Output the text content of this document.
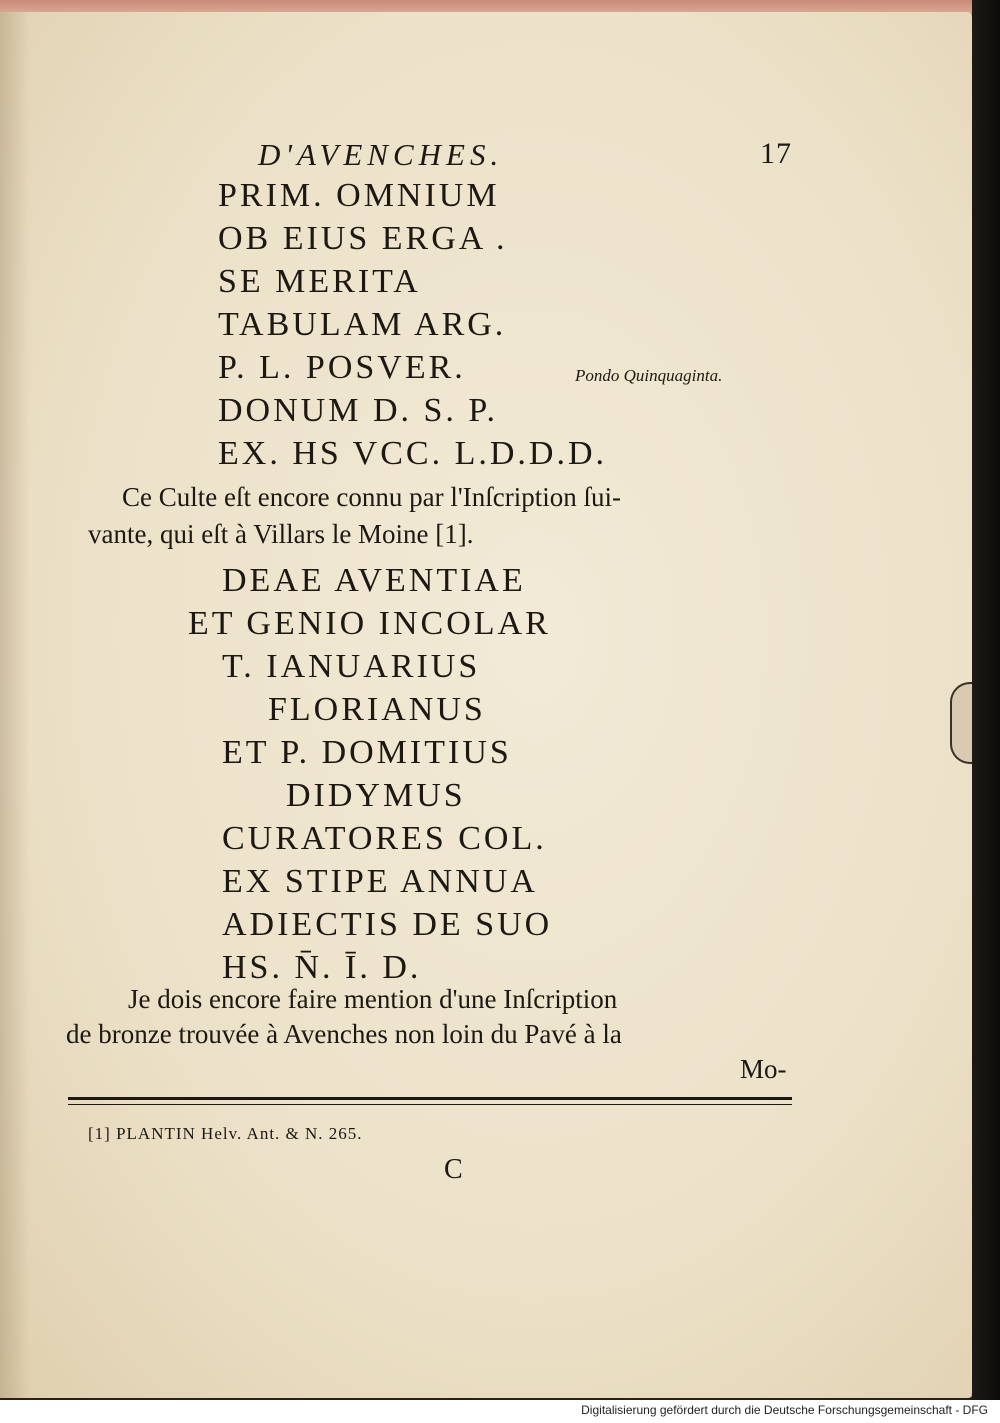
D'AVENCHES.	17
PRIM. OMNIUM
OB EIUS ERGA .
SE MERITA
TABULAM ARG.
P. L. POSVER.
DONUM D. S. P.
EX. HS VCC. L.D.D.D.
Pondo Quinquaginta.
Ce Culte eſt encore connu par l'Inſcription ſui-
vante, qui eſt à Villars le Moine [1].
DEAE AVENTIAE
ET GENIO INCOLAR
T. IANUARIUS
FLORIANUS
ET P. DOMITIUS
DIDYMUS
CURATORES COL.
EX STIPE ANNUA
ADIECTIS DE SUO
HS. N̄. Ī. D.
Je dois encore faire mention d'une Inſcription
de bronze trouvée à Avenches non loin du Pavé à la
Mo-
[1] PLANTIN Helv. Ant. & N. 265.
C
Digitalisierung gefördert durch die Deutsche Forschungsgemeinschaft - DFG
